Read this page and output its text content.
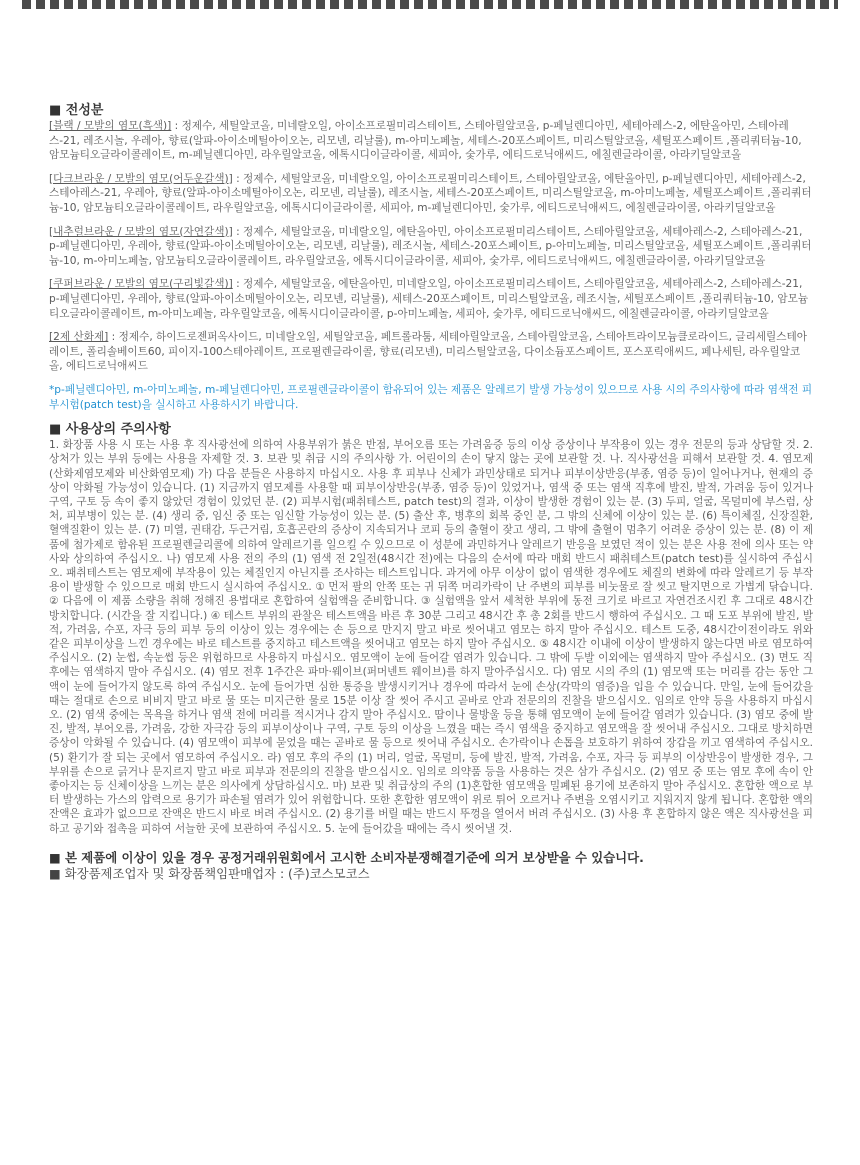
■ 전성분

[블랙 / 모발의 염모(흑색)] : 정제수, 세틸알코올, 미네랄오일, 아이소프로필미리스테이트, 스테아릴알코올, p-페닐렌디아민, 세테아레스-2, 에탄올아민, 스테아레스-21, 레조시놀, 우레아, 향료(알파-아이소메틸아이오논, 리모넨, 리날룰), m-아미노페놀, 세테스-20포스페이트, 미리스틸알코올, 세틸포스페이트 ,폴리쿼터늄-10, 암모늄티오글라이콜레이트, m-페닐렌디아민, 라우릴알코올, 에톡시디이글라이콜, 세피아, 숯가루, 에티드로닉애씨드, 에칠렌글라이콜, 아라키딜알코올

[다크브라운 / 모발의 염모(어두운갈색)] : 정제수, 세틸알코올, 미네랄오일, 아이소프로필미리스테이트, 스테아릴알코올, 에탄올아민, p-페닐렌디아민, 세테아레스-2, 스테아레스-21, 우레아, 향료(알파-아이소메틸아이오논, 리모넨, 리날룰), 레조시놀, 세테스-20포스페이트, 미리스틸알코올, m-아미노페놀, 세틸포스페이트 ,폴리쿼터늄-10, 암모늄티오글라이콜레이트, 라우릴알코올, 에톡시디이글라이콜, 세피아, m-페닐렌디아민, 숯가루, 에티드로닉애씨드, 에칠렌글라이콜, 아라키딜알코올

[내추럴브라운 / 모발의 염모(자연갈색)] : 정제수, 세틸알코올, 미네랄오일, 에탄올아민, 아이소프로필미리스테이트, 스테아릴알코올, 세테아레스-2, 스테아레스-21, p-페닐렌디아민, 우레아, 향료(알파-아이소메틸아이오논, 리모넨, 리날룰), 레조시놀, 세테스-20포스페이트, p-아미노페놀, 미리스틸알코올, 세틸포스페이트 ,폴리쿼터늄-10, m-아미노페놀, 암모늄티오글라이콜레이트, 라우릴알코올, 에톡시디이글라이콜, 세피아, 숯가루, 에티드로닉애씨드, 에칠렌글라이콜, 아라키딜알코올

[쿠퍼브라운 / 모발의 염모(구리빛갈색)] : 정제수, 세틸알코올, 에탄올아민, 미네랄오일, 아이소프로필미리스테이트, 스테아릴알코올, 세테아레스-2, 스테아레스-21, p-페닐렌디아민, 우레아, 향료(알파-아이소메틸아이오논, 리모넨, 리날룰), 세테스-20포스페이트, 미리스틸알코올, 레조시놀, 세틸포스페이트 ,폴리쿼터늄-10, 암모늄티오글라이콜레이트, m-아미노페놀, 라우릴알코올, 에톡시디이글라이콜, p-아미노페놀, 세피아, 숯가루, 에티드로닉애씨드, 에칠렌글라이콜, 아라키딜알코올

[2제 산화제] : 정제수, 하이드로젠퍼옥사이드, 미네랄오일, 세틸알코올, 페트롤라툼, 세테아릴알코올, 스테아릴알코올, 스테아트라이모늄클로라이드, 글리세릴스테아레이트, 폴리솔베이트60, 피이지-100스테아레이트, 프로필렌글라이콜, 향료(리모넨), 미리스틸알코올, 다이소듐포스페이트, 포스포릭애씨드, 페나세틴, 라우릴알코올, 에티드로닉애씨드

*p-페닐렌디아민, m-아미노페놀, m-페닐렌디아민, 프로필렌글라이콜이 함유되어 있는 제품은 알레르기 발생 가능성이 있으므로 사용 시의 주의사항에 따라 염색전 피부시험(patch test)을 실시하고 사용하시기 바랍니다.

■ 사용상의 주의사항

1. 화장품 사용 시 또는 사용 후 직사광선에 의하여 사용부위가 붉은 반점, 부어오름 또는 가려움증 등의 이상 증상이나 부작용이 있는 경우 전문의 등과 상담할 것. 2. 상처가 있는 부위 등에는 사용을 자제할 것. 3. 보관 및 취급 시의 주의사항 가. 어린이의 손이 닿지 않는 곳에 보관할 것. 나. 직사광선을 피해서 보관할 것. 4. 염모제(산화제염모제와 비산화염모제) 가) 다음 분들은 사용하지 마십시오. 사용 후 피부나 신체가 과민상태로 되거나 피부이상반응(부종, 염증 등)이 일어나거나, 현재의 증상이 악화될 가능성이 있습니다. (1) 지금까지 염모제를 사용할 때 피부이상반응(부종, 염증 등)이 있었거나, 염색 중 또는 염색 직후에 발진, 발적, 가려움 등이 있거나 구역, 구토 등 속이 좋지 않았던 경험이 있었던 분. (2) 피부시험(패취테스트, patch test)의 결과, 이상이 발생한 경험이 있는 분. (3) 두피, 얼굴, 목덜미에 부스럼, 상처, 피부병이 있는 분. (4) 생리 중, 임신 중 또는 임신할 가능성이 있는 분. (5) 출산 후, 병후의 회복 중인 분, 그 밖의 신체에 이상이 있는 분. (6) 특이체질, 신장질환, 혈액질환이 있는 분. (7) 미열, 권태감, 두근거림, 호흡곤란의 증상이 지속되거나 코피 등의 출혈이 잦고 생리, 그 밖에 출혈이 멈추기 어려운 증상이 있는 분. (8) 이 제품에 첨가제로 함유된 프로필렌글리콜에 의하여 알레르기를 일으킬 수 있으므로 이 성분에 과민하거나 알레르기 반응을 보였던 적이 있는 분은 사용 전에 의사 또는 약사와 상의하여 주십시오. 나) 염모제 사용 전의 주의 (1) 염색 전 2일전(48시간 전)에는 다음의 순서에 따라 매회 반드시 패취테스트(patch test)를 실시하여 주십시오. 패취테스트는 염모제에 부작용이 있는 체질인지 아닌지를 조사하는 테스트입니다. 과거에 아무 이상이 없이 염색한 경우에도 체질의 변화에 따라 알레르기 등 부작용이 발생할 수 있으므로 매회 반드시 실시하여 주십시오. ① 먼저 팔의 안쪽 또는 귀 뒤쪽 머리카락이 난 주변의 피부를 비눗물로 잘 씻고 탈지면으로 가볍게 닦습니다. ② 다음에 이 제품 소량을 취해 정해진 용법대로 혼합하여 실험액을 준비합니다. ③ 실험액을 앞서 세척한 부위에 동전 크기로 바르고 자연건조시킨 후 그대로 48시간 방치합니다. (시간을 잘 지킵니다.) ④ 테스트 부위의 관찰은 테스트액을 바른 후 30분 그리고 48시간 후 총 2회를 반드시 행하여 주십시오. 그 때 도포 부위에 발진, 발적, 가려움, 수포, 자극 등의 피부 등의 이상이 있는 경우에는 손 등으로 만지지 말고 바로 씻어내고 염모는 하지 말아 주십시오. 테스트 도중, 48시간이전이라도 위와 같은 피부이상을 느낀 경우에는 바로 테스트를 중지하고 테스트액을 씻어내고 염모는 하지 말아 주십시오. ⑤ 48시간 이내에 이상이 발생하지 않는다면 바로 염모하여 주십시오. (2) 눈썹, 속눈썹 등은 위험하므로 사용하지 마십시오. 염모액이 눈에 들어갈 염려가 있습니다. 그 밖에 두발 이외에는 염색하지 말아 주십시오. (3) 면도 직후에는 염색하지 말아 주십시오. (4) 염모 전후 1주간은 파마·웨이브(퍼머넨트 웨이브)를 하지 말아주십시오. 다) 염모 시의 주의 (1) 염모액 또는 머리를 감는 동안 그 액이 눈에 들어가지 않도록 하여 주십시오. 눈에 들어가면 심한 통증을 발생시키거나 경우에 따라서 눈에 손상(각막의 염증)을 입을 수 있습니다. 만일, 눈에 들어갔을 때는 절대로 손으로 비비지 말고 바로 물 또는 미지근한 물로 15분 이상 잘 씻어 주시고 곧바로 안과 전문의의 진찰을 받으십시오. 임의로 안약 등을 사용하지 마십시오. (2) 염색 중에는 목욕을 하거나 염색 전에 머리를 적시거나 감지 말아 주십시오. 땀이나 물방울 등을 통해 염모액이 눈에 들어갈 염려가 있습니다. (3) 염모 중에 발진, 발적, 부어오름, 가려움, 강한 자극감 등의 피부이상이나 구역, 구토 등의 이상을 느꼈을 때는 즉시 염색을 중지하고 염모액을 잘 씻어내 주십시오. 그대로 방치하면 증상이 악화될 수 있습니다. (4) 염모액이 피부에 묻었을 때는 곧바로 물 등으로 씻어내 주십시오. 손가락이나 손톱을 보호하기 위하여 장갑을 끼고 염색하여 주십시오. (5) 환기가 잘 되는 곳에서 염모하여 주십시오. 라) 염모 후의 주의 (1) 머리, 얼굴, 목덜미, 등에 발진, 발적, 가려움, 수포, 자극 등 피부의 이상반응이 발생한 경우, 그 부위를 손으로 긁거나 문지르지 말고 바로 피부과 전문의의 진찰을 받으십시오. 임의로 의약품 등을 사용하는 것은 삼가 주십시오. (2) 염모 중 또는 염모 후에 속이 안 좋아지는 등 신체이상을 느끼는 분은 의사에게 상담하십시오. 마) 보관 및 취급상의 주의 (1)혼합한 염모액을 밀폐된 용기에 보존하지 말아 주십시오. 혼합한 액으로 부터 발생하는 가스의 압력으로 용기가 파손될 염려가 있어 위험합니다. 또한 혼합한 염모액이 위로 튀어 오르거나 주변을 오염시키고 지워지지 않게 됩니다. 혼합한 액의 잔액은 효과가 없으므로 잔액은 반드시 바로 버려 주십시오. (2) 용기를 버릴 때는 반드시 뚜껑을 열어서 버려 주십시오. (3) 사용 후 혼합하지 않은 액은 직사광선을 피하고 공기와 접촉을 피하여 서늘한 곳에 보관하여 주십시오. 5. 눈에 들어갔을 때에는 즉시 씻어낼 것.

■ 본 제품에 이상이 있을 경우 공정거래위원회에서 고시한 소비자분쟁해결기준에 의거 보상받을 수 있습니다.

■ 화장품제조업자 및 화장품책임판매업자 : (주)코스모코스
